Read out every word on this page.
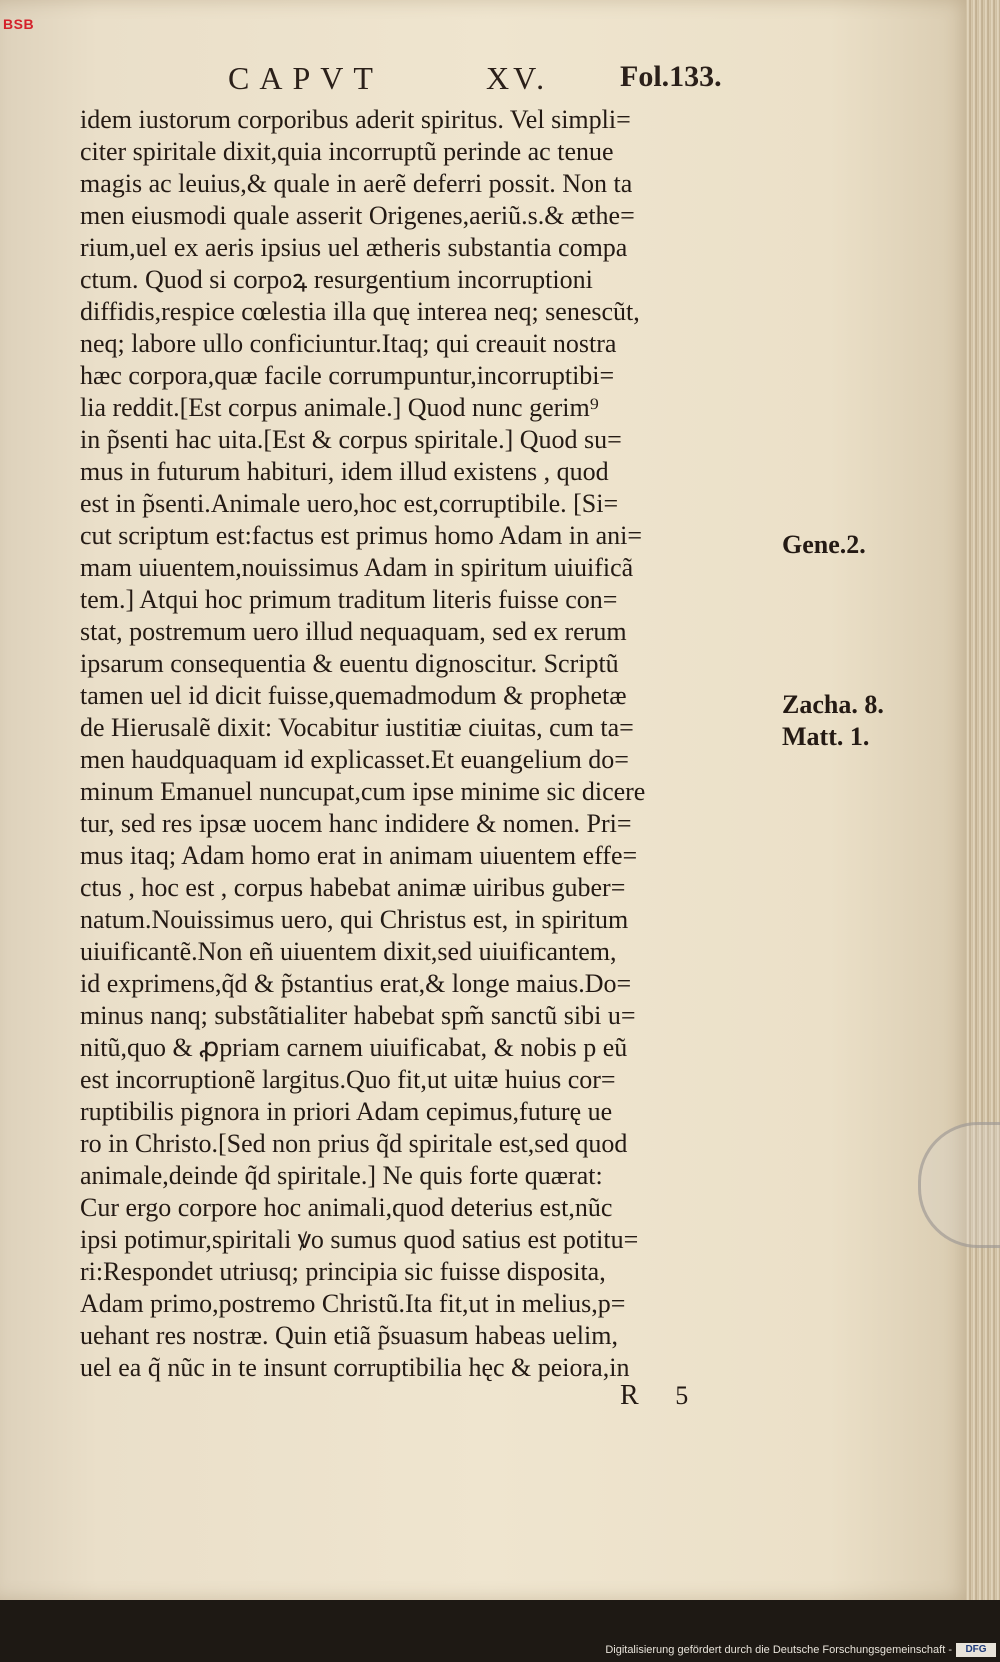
BSB
CAPVT	XV. Fol.133.
idem iustorum corporibus aderit spiritus. Vel simpli=
citer spiritale dixit,quia incorruptũ perinde ac tenue
magis ac leuius,& quale in aerẽ deferri possit. Non ta
men eiusmodi quale asserit Origenes,aeriũ.s.& æthe=
rium,uel ex aeris ipsius uel ætheris substantia compa
ctum. Quod si corpoꝝ resurgentium incorruptioni
diffidis,respice cœlestia illa quę interea neq; senescũt,
neq; labore ullo conficiuntur.Itaq; qui creauit nostra
hæc corpora,quæ facile corrumpuntur,incorruptibi=
lia reddit.[Est corpus animale.] Quod nunc gerim⁹
in p̃senti hac uita.[Est & corpus spiritale.] Quod su=
mus in futurum habituri, idem illud existens , quod
est in p̃senti.Animale uero,hoc est,corruptibile. [Si=
cut scriptum est:factus est primus homo Adam in ani=
mam uiuentem,nouissimus Adam in spiritum uiuificã
tem.] Atqui hoc primum traditum literis fuisse con=
stat, postremum uero illud nequaquam, sed ex rerum
ipsarum consequentia & euentu dignoscitur. Scriptũ
tamen uel id dicit fuisse,quemadmodum & prophetæ
de Hierusalẽ dixit: Vocabitur iustitiæ ciuitas, cum ta=
men haudquaquam id explicasset.Et euangelium do=
minum Emanuel nuncupat,cum ipse minime sic dicere
tur, sed res ipsæ uocem hanc indidere & nomen. Pri=
mus itaq; Adam homo erat in animam uiuentem effe=
ctus , hoc est , corpus habebat animæ uiribus guber=
natum.Nouissimus uero, qui Christus est, in spiritum
uiuificantẽ.Non eñ uiuentem dixit,sed uiuificantem,
id exprimens,q̃d & p̃stantius erat,& longe maius.Do=
minus nanq; substãtialiter habebat spm̃ sanctũ sibi u=
nitũ,quo & ꝓpriam carnem uiuificabat, & nobis p eũ
est incorruptionẽ largitus.Quo fit,ut uitæ huius cor=
ruptibilis pignora in priori Adam cepimus,futurę ue
ro in Christo.[Sed non prius q̃d spiritale est,sed quod
animale,deinde q̃d spiritale.] Ne quis forte quærat:
Cur ergo corpore hoc animali,quod deterius est,nũc
ipsi potimur,spiritali ꝟo sumus quod satius est potitu=
ri:Respondet utriusq; principia sic fuisse disposita,
Adam primo,postremo Christũ.Ita fit,ut in melius,p=
uehant res nostræ. Quin etiã p̃suasum habeas uelim,
uel ea q̃ nũc in te insunt corruptibilia hęc & peiora,in
Gene.2.
Zacha. 8.
Matt. 1.
R 5
Digitalisierung gefördert durch die Deutsche Forschungsgemeinschaft -	DFG
